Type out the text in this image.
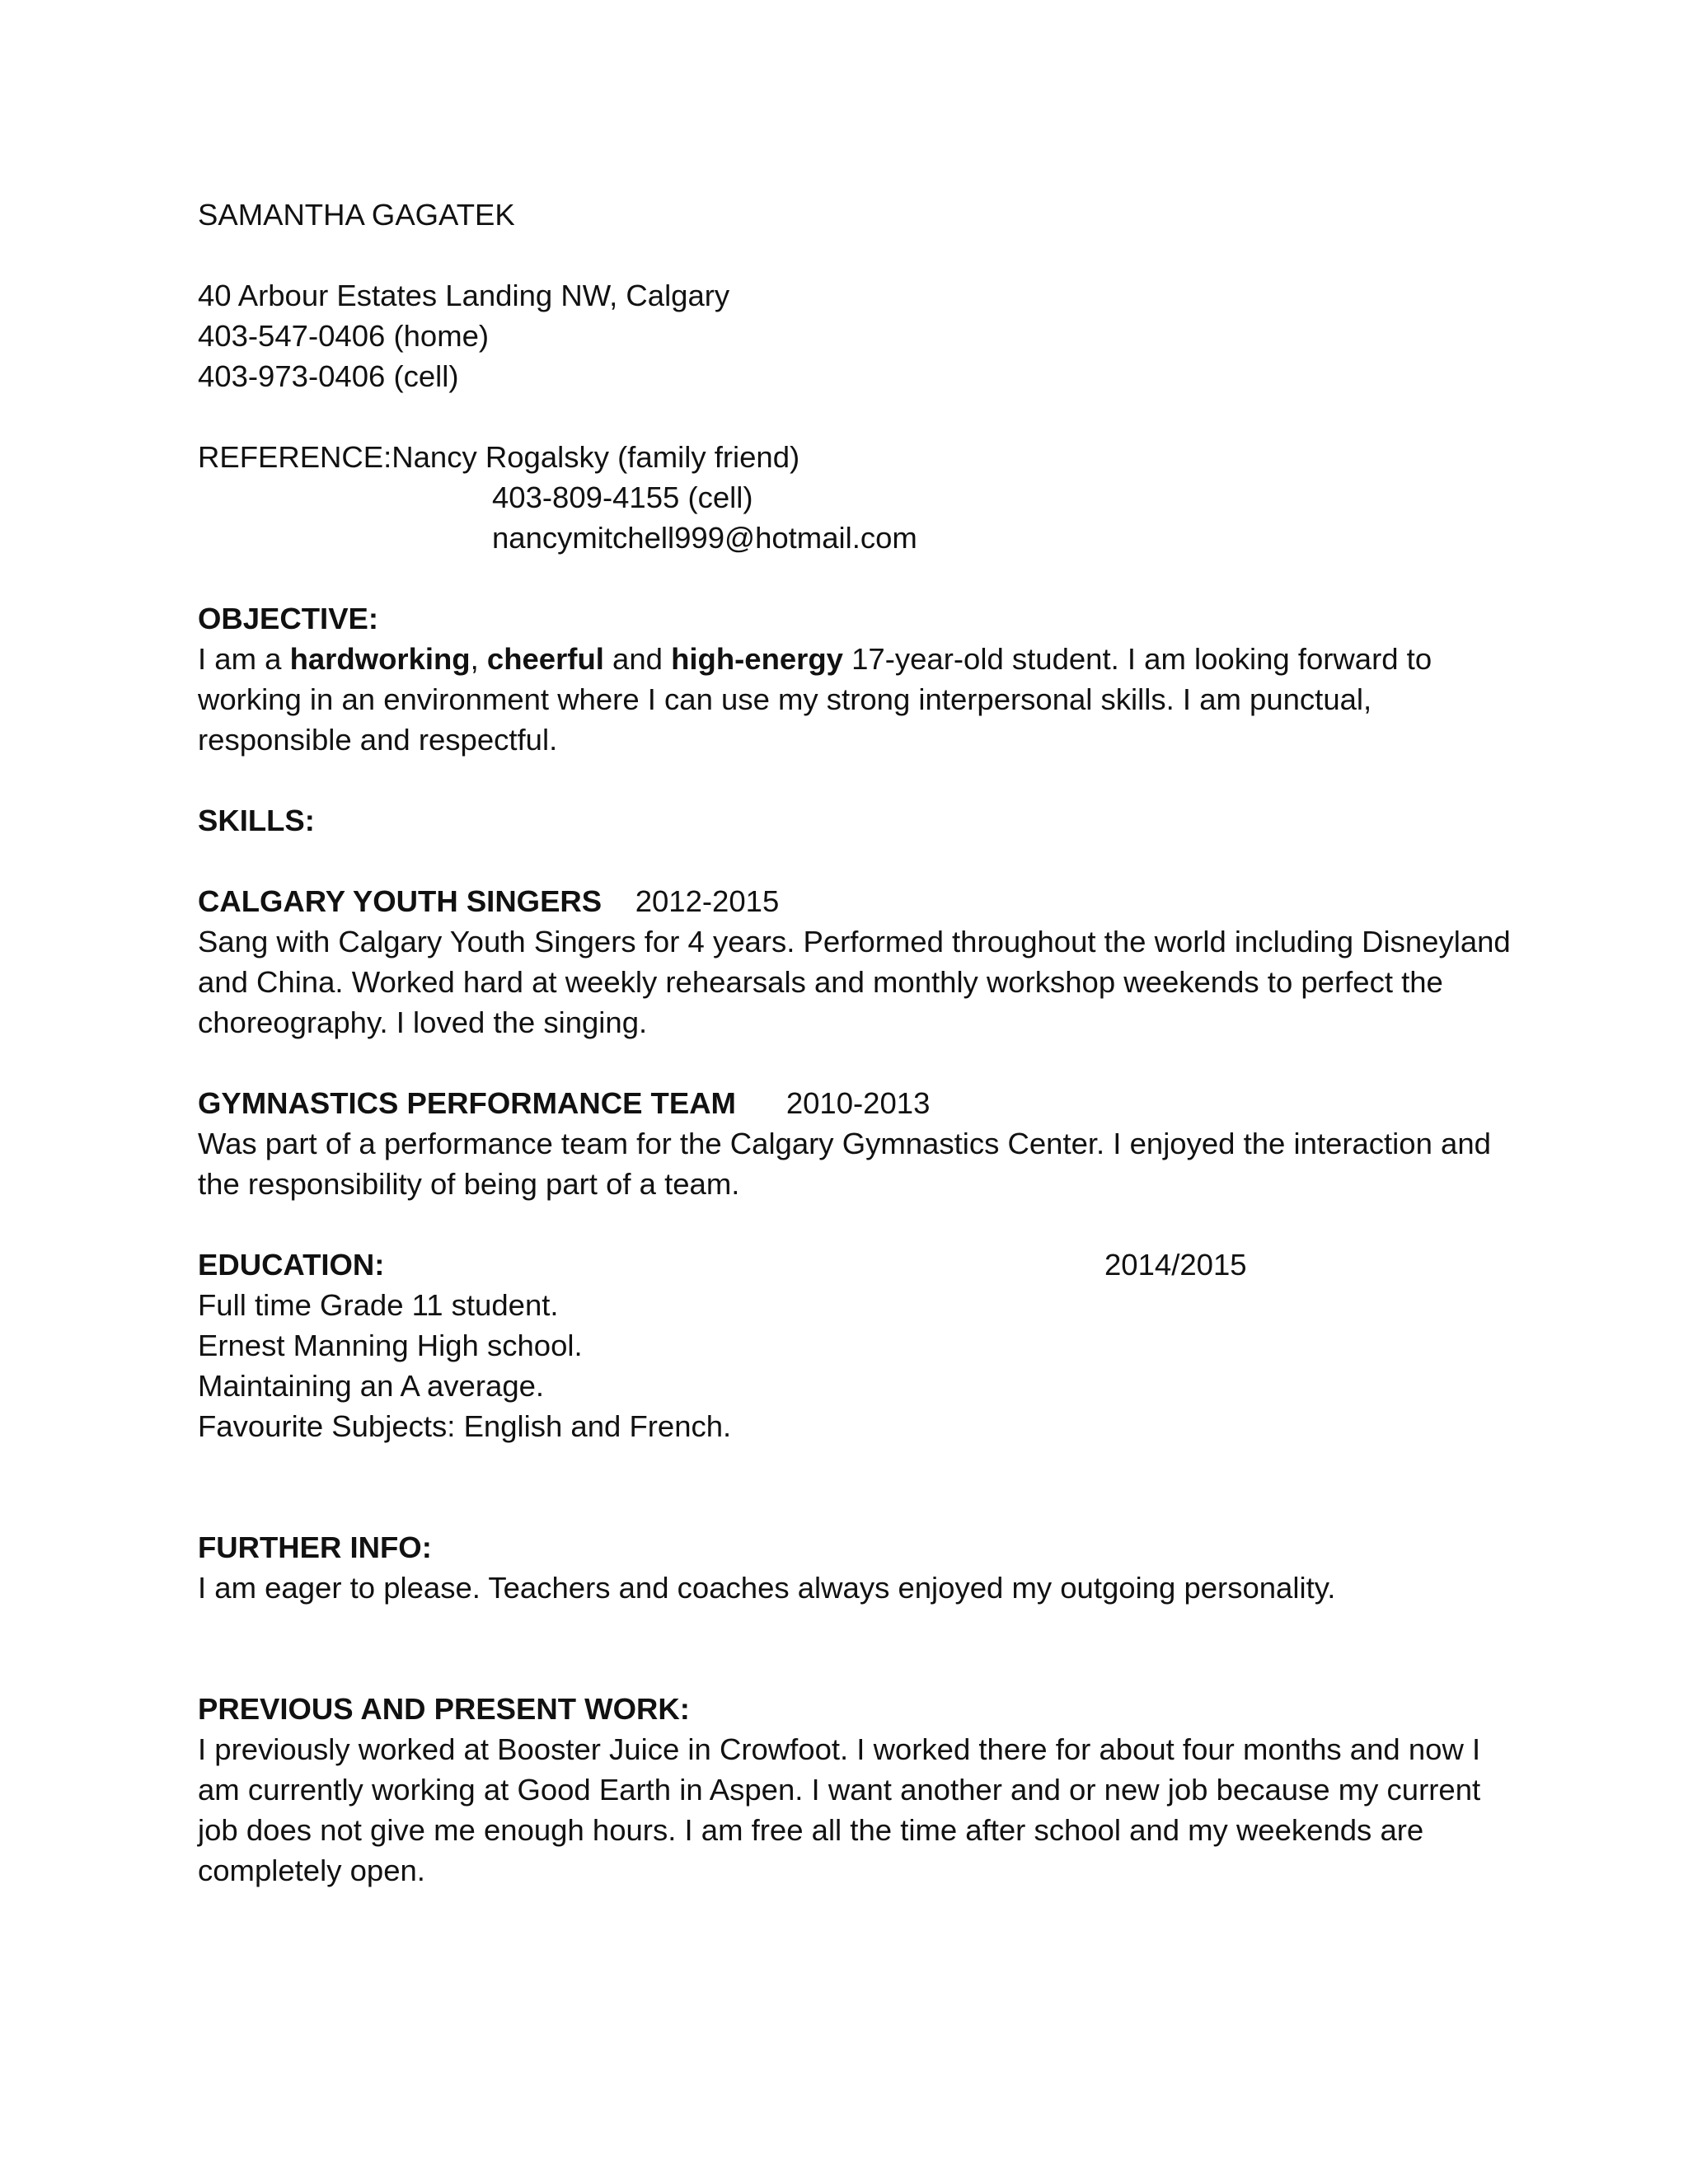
SAMANTHA GAGATEK
40 Arbour Estates Landing NW, Calgary
403-547-0406 (home)
403-973-0406 (cell)
REFERENCE:Nancy Rogalsky (family friend)
403-809-4155 (cell)
nancymitchell999@hotmail.com
OBJECTIVE:
I am a hardworking, cheerful and high-energy 17-year-old student. I am looking forward to working in an environment where I can use my strong interpersonal skills. I am punctual, responsible and respectful.
SKILLS:
CALGARY YOUTH SINGERS 2012-2015
Sang with Calgary Youth Singers for 4 years. Performed throughout the world including Disneyland and China. Worked hard at weekly rehearsals and monthly workshop weekends to perfect the choreography. I loved the singing.
GYMNASTICS PERFORMANCE TEAM 2010-2013
Was part of a performance team for the Calgary Gymnastics Center. I enjoyed the interaction and the responsibility of being part of a team.
EDUCATION:	2014/2015
Full time Grade 11 student.
Ernest Manning High school.
Maintaining an A average.
Favourite Subjects: English and French.
FURTHER INFO:
I am eager to please. Teachers and coaches always enjoyed my outgoing personality.
PREVIOUS AND PRESENT WORK:
I previously worked at Booster Juice in Crowfoot. I worked there for about four months and now I am currently working at Good Earth in Aspen. I want another and or new job because my current job does not give me enough hours. I am free all the time after school and my weekends are completely open.
